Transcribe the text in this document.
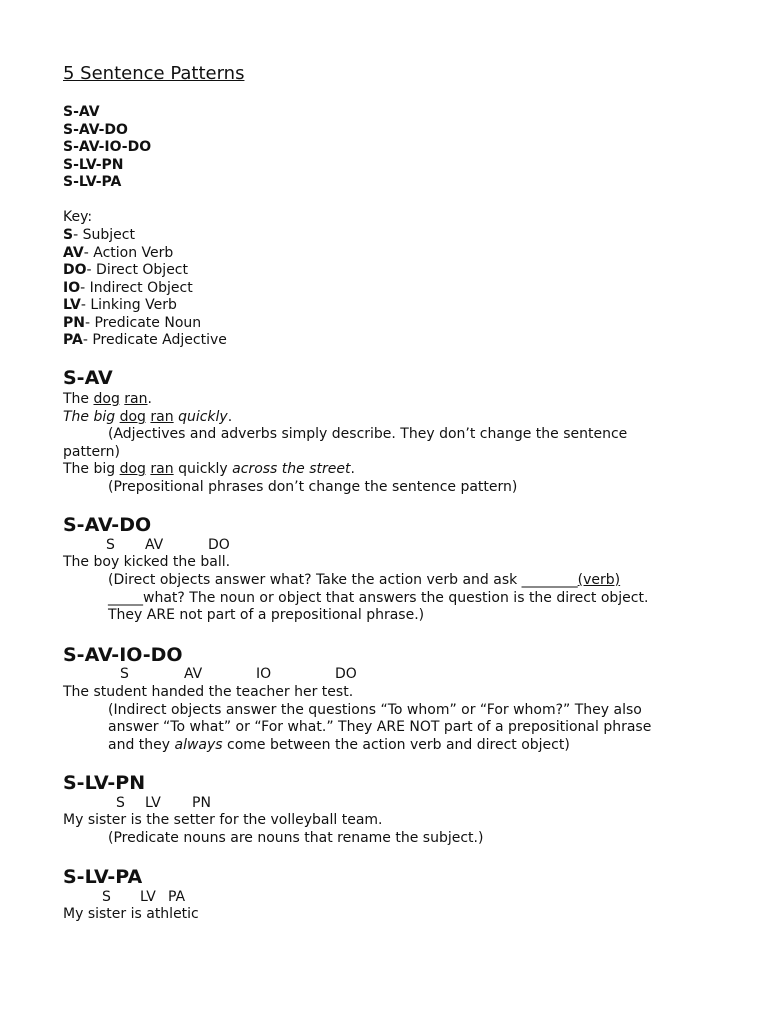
5 Sentence Patterns
S-AV
S-AV-DO
S-AV-IO-DO
S-LV-PN
S-LV-PA
Key:
S- Subject
AV- Action Verb
DO- Direct Object
IO- Indirect Object
LV- Linking Verb
PN- Predicate Noun
PA- Predicate Adjective
S-AV
The dog ran.
The big dog ran quickly.
(Adjectives and adverbs simply describe. They don’t change the sentence
pattern)
The big dog ran quickly across the street.
(Prepositional phrases don’t change the sentence pattern)
S-AV-DO
S AV	DO
The boy kicked the ball.
(Direct objects answer what? Take the action verb and ask ________(verb)
_____what? The noun or object that answers the question is the direct object.
They ARE not part of a prepositional phrase.)
S-AV-IO-DO
S	AV	IO	DO
The student handed the teacher her test.
(Indirect objects answer the questions “To whom” or “For whom?” They also
answer “To what” or “For what.” They ARE NOT part of a prepositional phrase
and they always come between the action verb and direct object)
S-LV-PN
S LV PN
My sister is the setter for the volleyball team.
(Predicate nouns are nouns that rename the subject.)
S-LV-PA
S LV PA
My sister is athletic
